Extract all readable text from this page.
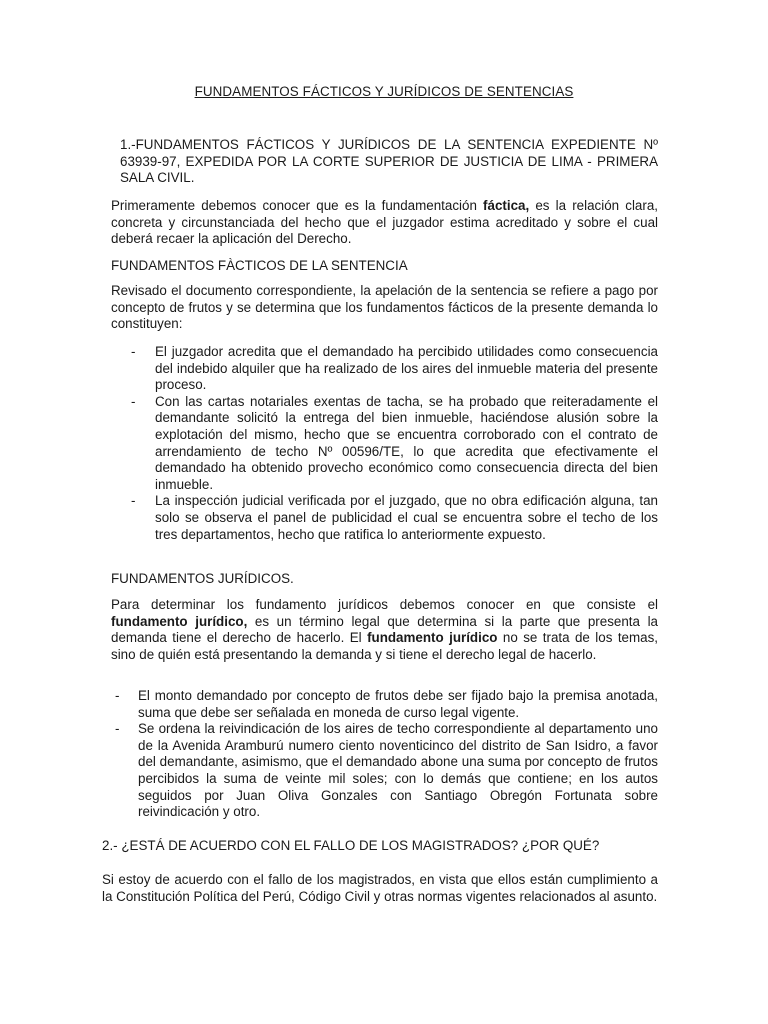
FUNDAMENTOS FÁCTICOS Y JURÍDICOS DE SENTENCIAS
1.-FUNDAMENTOS FÁCTICOS Y JURÍDICOS DE LA SENTENCIA EXPEDIENTE Nº 63939-97, EXPEDIDA POR LA CORTE SUPERIOR DE JUSTICIA DE LIMA - PRIMERA SALA CIVIL.
Primeramente debemos conocer que es la fundamentación fáctica, es la relación clara, concreta y circunstanciada del hecho que el juzgador estima acreditado y sobre el cual deberá recaer la aplicación del Derecho.
FUNDAMENTOS FÀCTICOS DE LA SENTENCIA
Revisado el documento correspondiente, la apelación de la sentencia se refiere a pago por concepto de frutos y se determina que los fundamentos fácticos de la presente demanda lo constituyen:
- El juzgador acredita que el demandado ha percibido utilidades como consecuencia del indebido alquiler que ha realizado de los aires del inmueble materia del presente proceso.
- Con las cartas notariales exentas de tacha, se ha probado que reiteradamente el demandante solicitó la entrega del bien inmueble, haciéndose alusión sobre la explotación del mismo, hecho que se encuentra corroborado con el contrato de arrendamiento de techo Nº 00596/TE, lo que acredita que efectivamente el demandado ha obtenido provecho económico como consecuencia directa del bien inmueble.
- La inspección judicial verificada por el juzgado, que no obra edificación alguna, tan solo se observa el panel de publicidad el cual se encuentra sobre el techo de los tres departamentos, hecho que ratifica lo anteriormente expuesto.
FUNDAMENTOS JURÍDICOS.
Para determinar los fundamento jurídicos debemos conocer en que consiste el fundamento jurídico, es un término legal que determina si la parte que presenta la demanda tiene el derecho de hacerlo. El fundamento jurídico no se trata de los temas, sino de quién está presentando la demanda y si tiene el derecho legal de hacerlo.
- El monto demandado por concepto de frutos debe ser fijado bajo la premisa anotada, suma que debe ser señalada en moneda de curso legal vigente.
- Se ordena la reivindicación de los aires de techo correspondiente al departamento uno de la Avenida Aramburú numero ciento noventicinco del distrito de San Isidro, a favor del demandante, asimismo, que el demandado abone una suma por concepto de frutos percibidos la suma de veinte mil soles; con lo demás que contiene; en los autos seguidos por Juan Oliva Gonzales con Santiago Obregón Fortunata sobre reivindicación y otro.
2.- ¿ESTÁ DE ACUERDO CON EL FALLO DE LOS MAGISTRADOS? ¿POR QUÉ?
Si estoy de acuerdo con el fallo de los magistrados, en vista que ellos están cumplimiento a la Constitución Política del Perú, Código Civil y otras normas vigentes relacionados al asunto.
